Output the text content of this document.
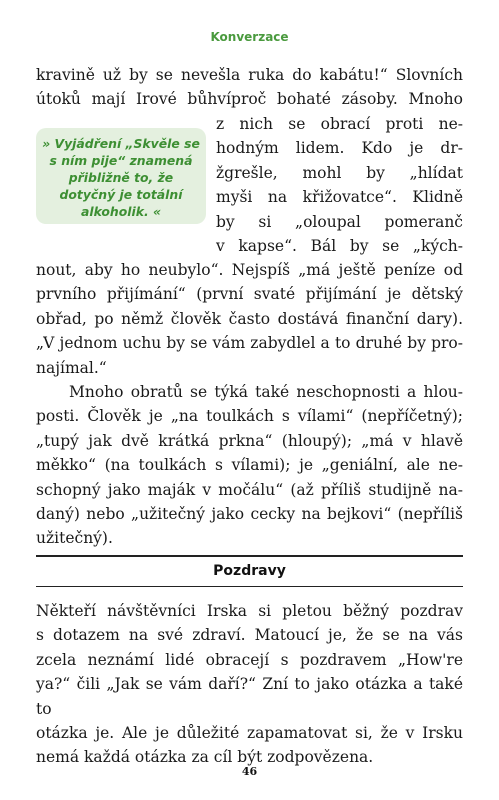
Konverzace
kravině už by se nevešla ruka do kabátu!“ Slovních
útoků mají Irové bůhvíproč bohaté zásoby. Mnoho
» Vyjádření „Skvěle se
s ním pije“ znamená
přibližně to, že
dotyčný je totální
alkoholik. «
z nich se obrací proti ne-
hodným lidem. Kdo je dr-
žgrešle, mohl by „hlídat
myši na křižovatce“. Klidně
by si „oloupal pomeranč
v kapse“. Bál by se „kých-
nout, aby ho neubylo“. Nejspíš „má ještě peníze od
prvního přijímání“ (první svaté přijímání je dětský
obřad, po němž člověk často dostává finanční dary).
„V jednom uchu by se vám zabydlel a to druhé by pro-
najímal.“
Mnoho obratů se týká také neschopnosti a hlou-
posti. Člověk je „na toulkách s vílami“ (nepříčetný);
„tupý jak dvě krátká prkna“ (hloupý); „má v hlavě
měkko“ (na toulkách s vílami); je „geniální, ale ne-
schopný jako maják v močálu“ (až příliš studijně na-
daný) nebo „užitečný jako cecky na bejkovi“ (nepříliš
užitečný).
Pozdravy
Někteří návštěvníci Irska si pletou běžný pozdrav
s dotazem na své zdraví. Matoucí je, že se na vás
zcela neznámí lidé obracejí s pozdravem „How're
ya?“ čili „Jak se vám daří?“ Zní to jako otázka a také to
otázka je. Ale je důležité zapamatovat si, že v Irsku
nemá každá otázka za cíl být zodpovězena.
46
